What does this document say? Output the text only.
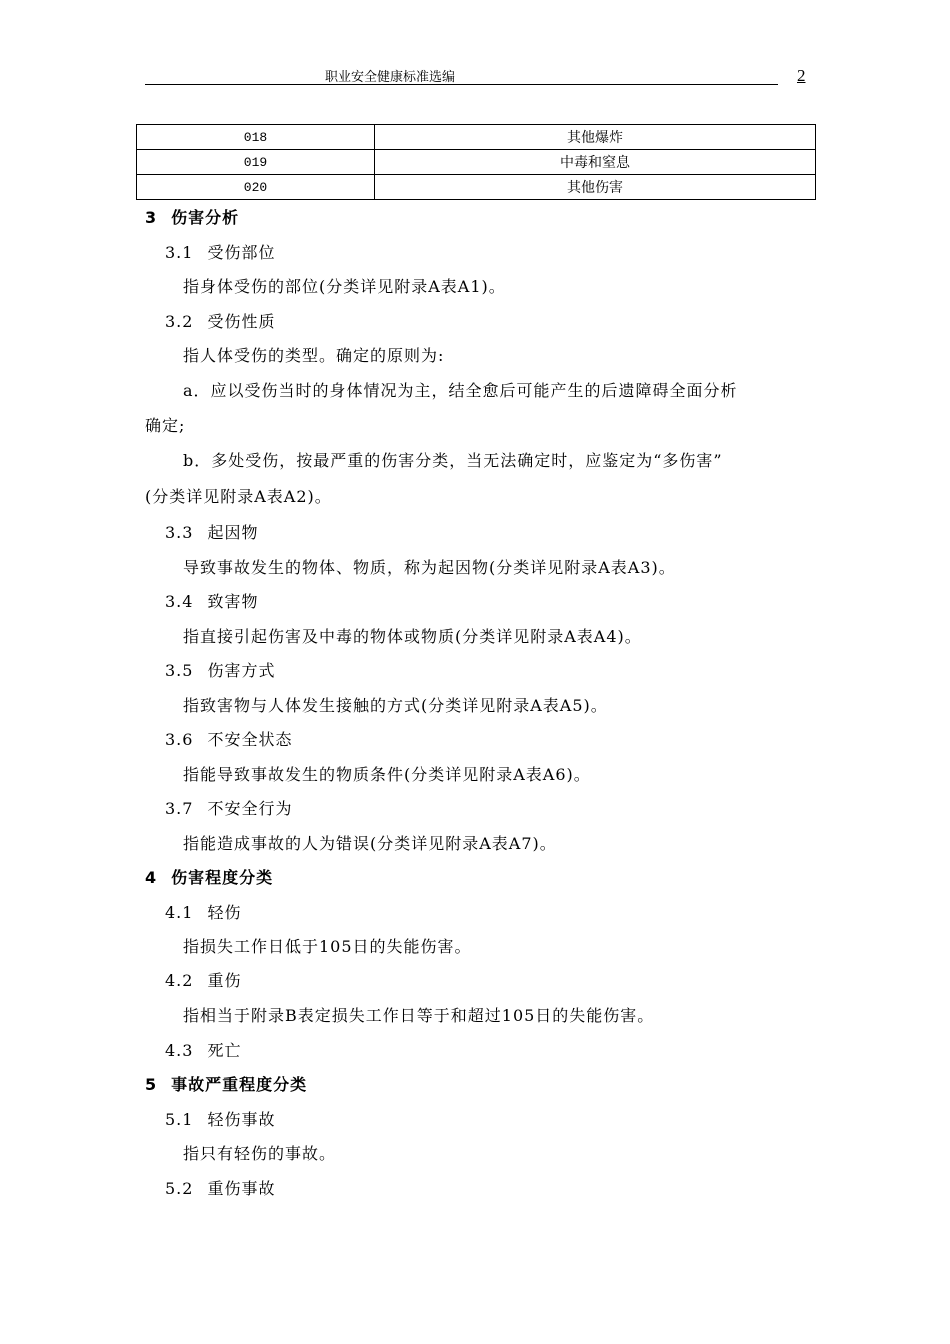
职业安全健康标准选编	2
018	其他爆炸
019	中毒和窒息
020	其他伤害
3 伤害分析
3.1 受伤部位
指身体受伤的部位(分类详见附录A表A1)。
3.2 受伤性质
指人体受伤的类型。确定的原则为:
a．应以受伤当时的身体情况为主，结全愈后可能产生的后遗障碍全面分析
确定;
b．多处受伤，按最严重的伤害分类，当无法确定时，应鉴定为“多伤害”
(分类详见附录A表A2)。
3.3 起因物
导致事故发生的物体、物质，称为起因物(分类详见附录A表A3)。
3.4 致害物
指直接引起伤害及中毒的物体或物质(分类详见附录A表A4)。
3.5 伤害方式
指致害物与人体发生接触的方式(分类详见附录A表A5)。
3.6 不安全状态
指能导致事故发生的物质条件(分类详见附录A表A6)。
3.7 不安全行为
指能造成事故的人为错误(分类详见附录A表A7)。
4 伤害程度分类
4.1 轻伤
指损失工作日低于105日的失能伤害。
4.2 重伤
指相当于附录B表定损失工作日等于和超过105日的失能伤害。
4.3 死亡
5 事故严重程度分类
5.1 轻伤事故
指只有轻伤的事故。
5.2 重伤事故
